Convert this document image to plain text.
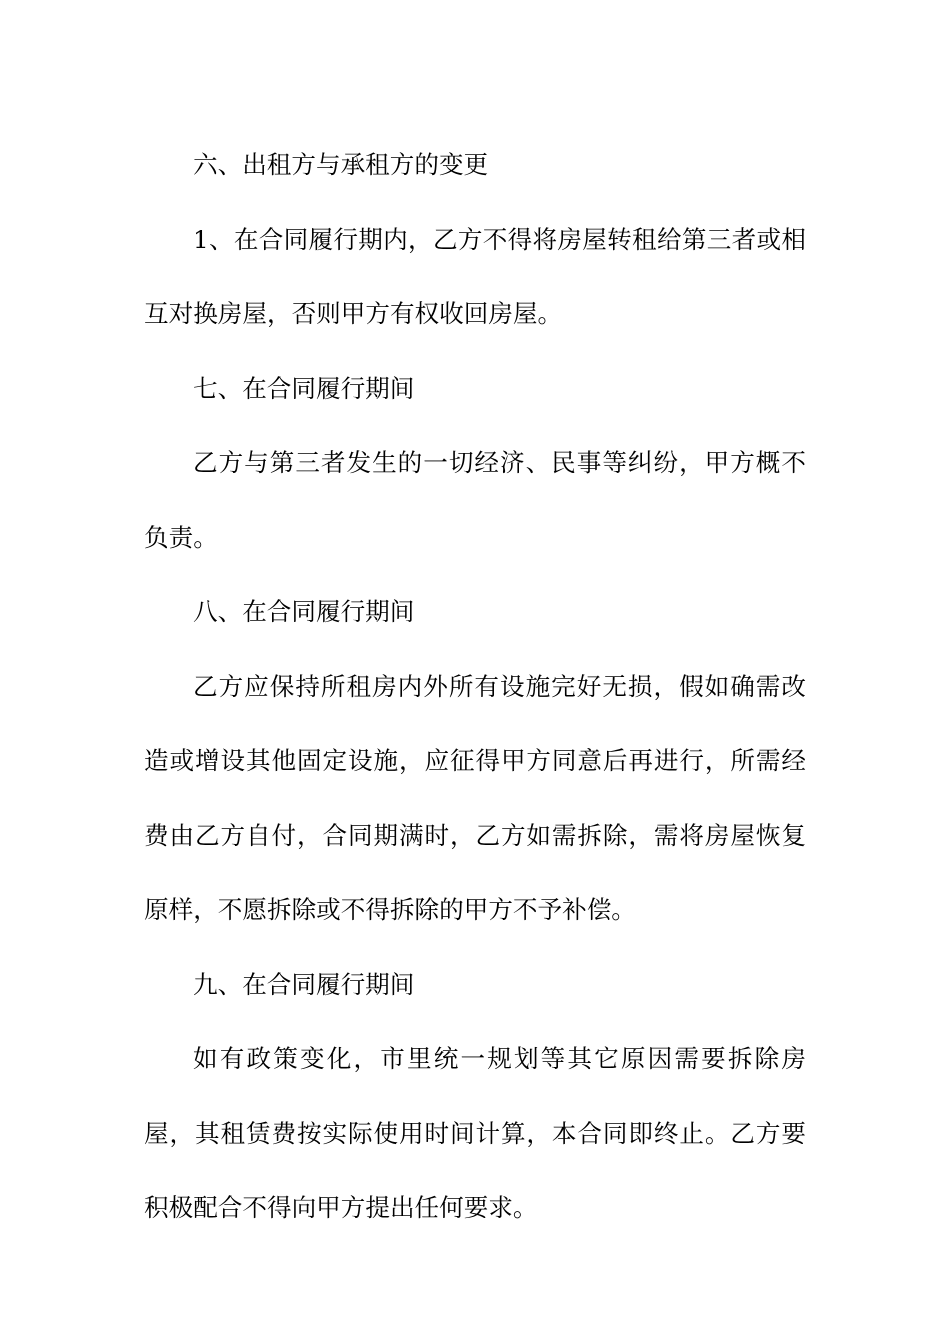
六、出租方与承租方的变更

1、在合同履行期内，乙方不得将房屋转租给第三者或相互对换房屋，否则甲方有权收回房屋。

七、在合同履行期间

乙方与第三者发生的一切经济、民事等纠纷，甲方概不负责。

八、在合同履行期间

乙方应保持所租房内外所有设施完好无损，假如确需改造或增设其他固定设施，应征得甲方同意后再进行，所需经费由乙方自付，合同期满时，乙方如需拆除，需将房屋恢复原样，不愿拆除或不得拆除的甲方不予补偿。

九、在合同履行期间

如有政策变化，市里统一规划等其它原因需要拆除房屋，其租赁费按实际使用时间计算，本合同即终止。乙方要积极配合不得向甲方提出任何要求。
